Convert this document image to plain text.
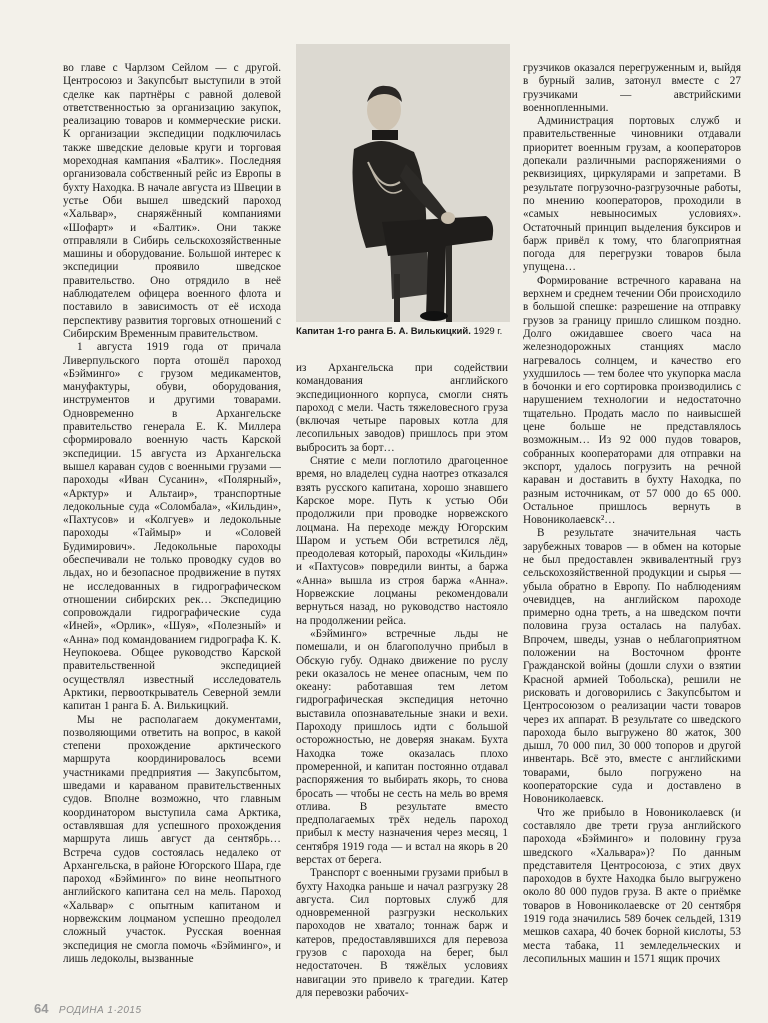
во главе с Чарлзом Сейлом — с другой. Центросоюз и Закупсбыт выступили в этой сделке как партнёры с равной долевой ответственностью за организацию закупок, реализацию товаров и коммерческие риски. К организации экспедиции подключилась также шведские деловые круги и торговая мореходная кампания «Балтик». Последняя организовала собственный рейс из Европы в бухту Находка. В начале августа из Швеции в устье Оби вышел шведский пароход «Хальвар», снаряжённый компаниями «Шофарт» и «Балтик». Они также отправляли в Сибирь сельскохозяйственные машины и оборудование. Большой интерес к экспедиции проявило шведское правительство. Оно отрядило в неё наблюдателем офицера военного флота и поставило в зависимость от её исхода перспективу развития торговых отношений с Сибирским Временным правительством.

1 августа 1919 года от причала Ливерпульского порта отошёл пароход «Бэйминго» с грузом медикаментов, мануфактуры, обуви, оборудования, инструментов и другими товарами. Одновременно в Архангельске правительство генерала Е. К. Миллера сформировало военную часть Карской экспедиции. 15 августа из Архангельска вышел караван судов с военными грузами — пароходы «Иван Сусанин», «Полярный», «Арктур» и Альтаир», транспортные ледокольные суда «Соломбала», «Кильдин», «Пахтусов» и «Колгуев» и ледокольные пароходы «Таймыр» и «Соловей Будимирович». Ледокольные пароходы обеспечивали не только проводку судов во льдах, но и безопасное продвижение в путях не исследованных в гидрографическом отношении сибирских рек… Экспедицию сопровождали гидрографические суда «Иней», «Орлик», «Шуя», «Полезный» и «Анна» под командованием гидрографа К. К. Неупокоева. Общее руководство Карской правительственной экспедицией осуществлял известный исследователь Арктики, первооткрыватель Северной земли капитан 1 ранга Б. А. Вилькицкий.

Мы не располагаем документами, позволяющими ответить на вопрос, в какой степени прохождение арктического маршрута координировалось всеми участниками предприятия — Закупсбытом, шведами и караваном правительственных судов. Вполне возможно, что главным координатором выступила сама Арктика, оставлявшая для успешного прохождения маршрута лишь август да сентябрь… Встреча судов состоялась недалеко от Архангельска, в районе Югорского Шара, где пароход «Бэйминго» по вине неопытного английского капитана сел на мель. Пароход «Хальвар» с опытным капитаном и норвежским лоцманом успешно преодолел сложный участок. Русская военная экспедиция не смогла помочь «Бэймингo», и лишь ледоколы, вызванные

Капитан 1-го ранга Б. А. Вилькицкий. 1929 г.

из Архангельска при содействии командования английского экспедиционного корпуса, смогли снять пароход с мели. Часть тяжеловесного груза (включая четыре паровых котла для лесопильных заводов) пришлось при этом выбросить за борт…

Снятие с мели поглотило драгоценное время, но владелец судна наотрез отказался взять русского капитана, хорошо знавшего Карское море. Путь к устью Оби продолжили при проводке норвежского лоцмана. На переходе между Югорским Шаром и устьем Оби встретился лёд, преодолевая который, пароходы «Кильдин» и «Пахтусов» повредили винты, а баржа «Анна» вышла из строя баржа «Анна». Норвежские лоцманы рекомендовали вернуться назад, но руководство настояло на продолжении рейса.

«Бэйминго» встречные льды не помешали, и он благополучно прибыл в Обскую губу. Однако движение по руслу реки оказалось не менее опасным, чем по океану: работавшая тем летом гидрографическая экспедиция неточно выставила опознавательные знаки и вехи. Пароходу пришлось идти с большой осторожностью, не доверяя знакам. Бухта Находка тоже оказалась плохо промеренной, и капитан постоянно отдавал распоряжения то выбирать якорь, то снова бросать — чтобы не сесть на мель во время отлива. В результате вместо предполагаемых трёх недель пароход прибыл к месту назначения через месяц, 1 сентября 1919 года — и встал на якорь в 20 верстах от берега.

Транспорт с военными грузами прибыл в бухту Находка раньше и начал разгрузку 28 августа. Сил портовых служб для одновременной разгрузки нескольких пароходов не хватало; тоннаж барж и катеров, предоставлявшихся для перевоза грузов с парохода на берег, был недостаточен. В тяжёлых условиях навигации это привело к трагедии. Катер для перевозки рабочих-

грузчиков оказался перегруженным и, выйдя в бурный залив, затонул вместе с 27 грузчиками — австрийскими военнопленными.

Администрация портовых служб и правительственные чиновники отдавали приоритет военным грузам, а кооператоров допекали различными распоряжениями о реквизициях, циркулярами и запретами. В результате погрузочно-разгрузочные работы, по мнению кооператоров, проходили в «самых невыносимых условиях». Остаточный принцип выделения буксиров и барж привёл к тому, что благоприятная погода для перегрузки товаров была упущена…

Формирование встречного каравана на верхнем и среднем течении Оби происходило в большой спешке: разрешение на отправку грузов за границу пришло слишком поздно. Долго ожидавшее своего часа на железнодорожных станциях масло нагревалось солнцем, и качество его ухудшилось — тем более что укупорка масла в бочонки и его сортировка производились с нарушением технологии и недостаточно тщательно. Продать масло по наивысшей цене больше не представлялось возможным… Из 92 000 пудов товаров, собранных кооператорами для отправки на экспорт, удалось погрузить на речной караван и доставить в бухту Находка, по разным источникам, от 57 000 до 65 000. Остальное пришлось вернуть в Новониколаевск²…

В результате значительная часть зарубежных товаров — в обмен на которые не был предоставлен эквивалентный груз сельскохозяйственной продукции и сырья — убыла обратно в Европу. По наблюдениям очевидцев, на английском пароходе примерно одна треть, а на шведском почти половина груза осталась на палубах. Впрочем, шведы, узнав о неблагоприятном положении на Восточном фронте Гражданской войны (дошли слухи о взятии Красной армией Тобольска), решили не рисковать и договорились с Закупсбытом и Центросоюзом о реализации части товаров через их аппарат. В результате со шведского парохода было выгружено 80 жаток, 300 дышл, 70 000 пил, 30 000 топоров и другой инвентарь. Всё это, вместе с английскими товарами, было погружено на кооператорские суда и доставлено в Новониколаевск.

Что же прибыло в Новониколаевск (и составляло две трети груза английского парохода «Бэйминго» и половину груза шведского «Хальвара»)? По данным представителя Центросоюза, с этих двух пароходов в бухте Находка было выгружено около 80 000 пудов груза. В акте о приёмке товаров в Новониколаевске от 20 сентября 1919 года значились 589 бочек сельдей, 1319 мешков сахара, 40 бочек борной кислоты, 53 места табака, 11 земледельческих и лесопильных машин и 1571 ящик прочих

64 РОДИНА 1·2015
